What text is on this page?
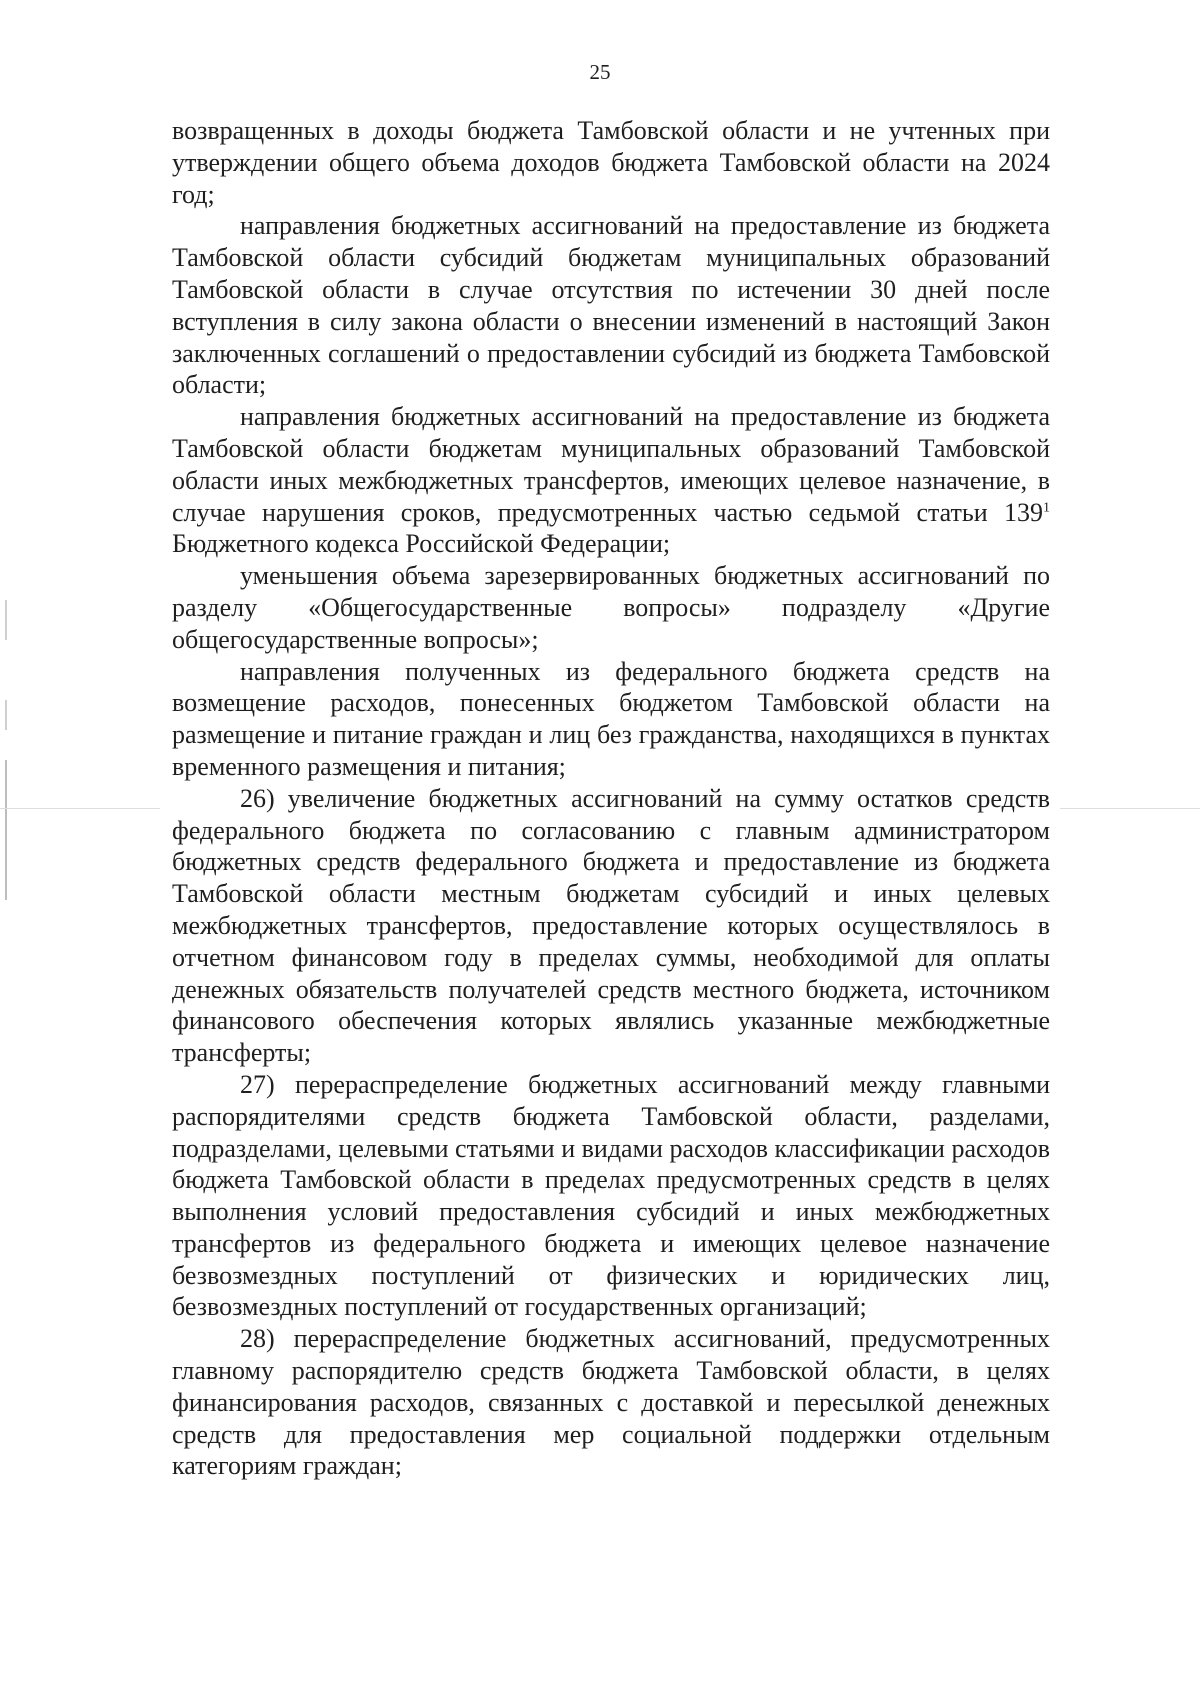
25

возвращенных в доходы бюджета Тамбовской области и не учтенных при утверждении общего объема доходов бюджета Тамбовской области на 2024 год;

направления бюджетных ассигнований на предоставление из бюджета Тамбовской области субсидий бюджетам муниципальных образований Тамбовской области в случае отсутствия по истечении 30 дней после вступления в силу закона области о внесении изменений в настоящий Закон заключенных соглашений о предоставлении субсидий из бюджета Тамбовской области;

направления бюджетных ассигнований на предоставление из бюджета Тамбовской области бюджетам муниципальных образований Тамбовской области иных межбюджетных трансфертов, имеющих целевое назначение, в случае нарушения сроков, предусмотренных частью седьмой статьи $139^1$ Бюджетного кодекса Российской Федерации;

уменьшения объема зарезервированных бюджетных ассигнований по разделу «Общегосударственные вопросы» подразделу «Другие общегосударственные вопросы»;

направления полученных из федерального бюджета средств на возмещение расходов, понесенных бюджетом Тамбовской области на размещение и питание граждан и лиц без гражданства, находящихся в пунктах временного размещения и питания;

26) увеличение бюджетных ассигнований на сумму остатков средств федерального бюджета по согласованию с главным администратором бюджетных средств федерального бюджета и предоставление из бюджета Тамбовской области местным бюджетам субсидий и иных целевых межбюджетных трансфертов, предоставление которых осуществлялось в отчетном финансовом году в пределах суммы, необходимой для оплаты денежных обязательств получателей средств местного бюджета, источником финансового обеспечения которых являлись указанные межбюджетные трансферты;

27) перераспределение бюджетных ассигнований между главными распорядителями средств бюджета Тамбовской области, разделами, подразделами, целевыми статьями и видами расходов классификации расходов бюджета Тамбовской области в пределах предусмотренных средств в целях выполнения условий предоставления субсидий и иных межбюджетных трансфертов из федерального бюджета и имеющих целевое назначение безвозмездных поступлений от физических и юридических лиц, безвозмездных поступлений от государственных организаций;

28) перераспределение бюджетных ассигнований, предусмотренных главному распорядителю средств бюджета Тамбовской области, в целях финансирования расходов, связанных с доставкой и пересылкой денежных средств для предоставления мер социальной поддержки отдельным категориям граждан;
